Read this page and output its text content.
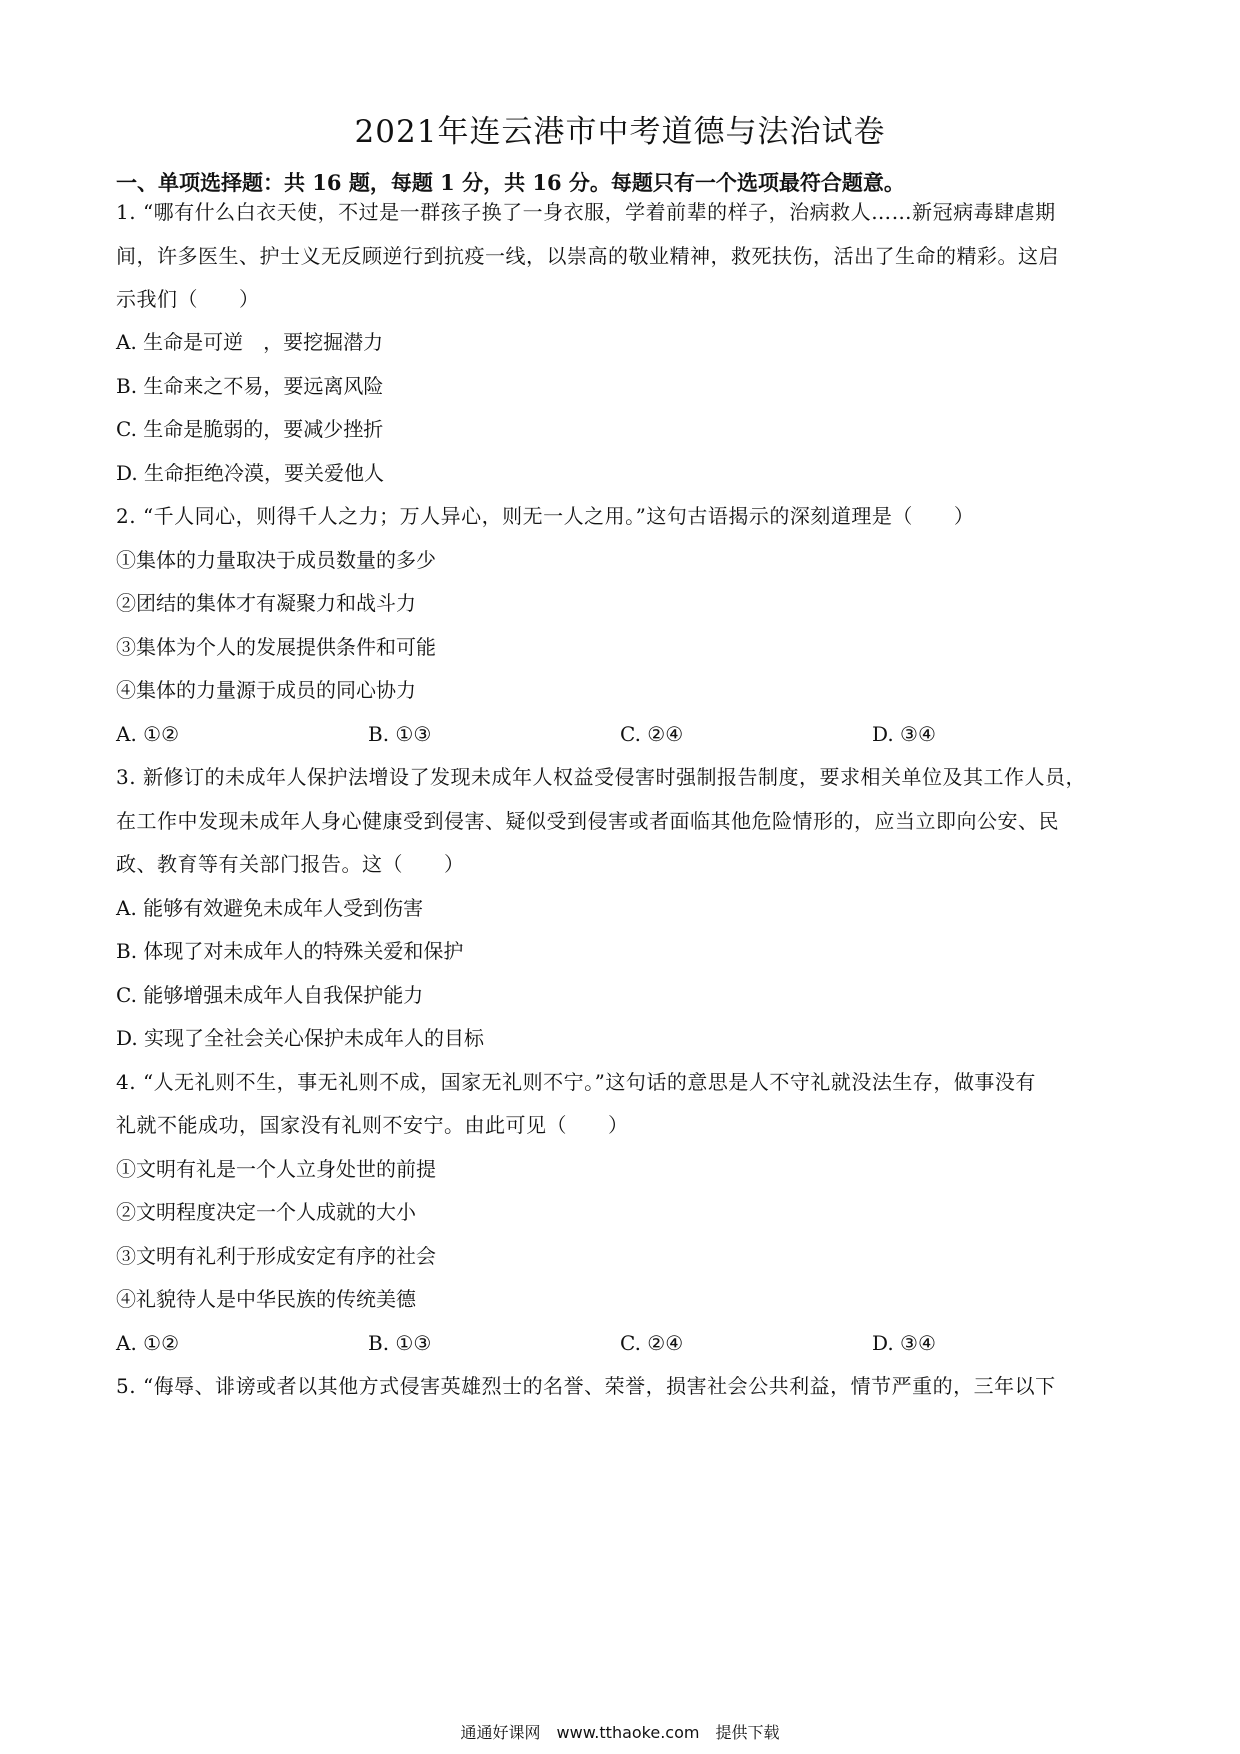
2021年连云港市中考道德与法治试卷
一、单项选择题：共 16 题，每题 1 分，共 16 分。每题只有一个选项最符合题意。
1. “哪有什么白衣天使，不过是一群孩子换了一身衣服，学着前辈的样子，治病救人……新冠病毒肆虐期
间，许多医生、护士义无反顾逆行到抗疫一线，以崇高的敬业精神，救死扶伤，活出了生命的精彩。这启
示我们（　　）
A. 生命是可逆　，要挖掘潜力
B. 生命来之不易，要远离风险
C. 生命是脆弱的，要减少挫折
D. 生命拒绝冷漠，要关爱他人
2. “千人同心，则得千人之力；万人异心，则无一人之用。”这句古语揭示的深刻道理是（　　）
①集体的力量取决于成员数量的多少
②团结的集体才有凝聚力和战斗力
③集体为个人的发展提供条件和可能
④集体的力量源于成员的同心协力
A. ①②	B. ①③	C. ②④	D. ③④
3. 新修订的未成年人保护法增设了发现未成年人权益受侵害时强制报告制度，要求相关单位及其工作人员，
在工作中发现未成年人身心健康受到侵害、疑似受到侵害或者面临其他危险情形的，应当立即向公安、民
政、教育等有关部门报告。这（　　）
A. 能够有效避免未成年人受到伤害
B. 体现了对未成年人的特殊关爱和保护
C. 能够增强未成年人自我保护能力
D. 实现了全社会关心保护未成年人的目标
4. “人无礼则不生，事无礼则不成，国家无礼则不宁。”这句话的意思是人不守礼就没法生存，做事没有
礼就不能成功，国家没有礼则不安宁。由此可见（　　）
①文明有礼是一个人立身处世的前提
②文明程度决定一个人成就的大小
③文明有礼利于形成安定有序的社会
④礼貌待人是中华民族的传统美德
A. ①②	B. ①③	C. ②④	D. ③④
5. “侮辱、诽谤或者以其他方式侵害英雄烈士的名誉、荣誉，损害社会公共利益，情节严重的，三年以下
通通好课网　www.tthaoke.com　提供下载
